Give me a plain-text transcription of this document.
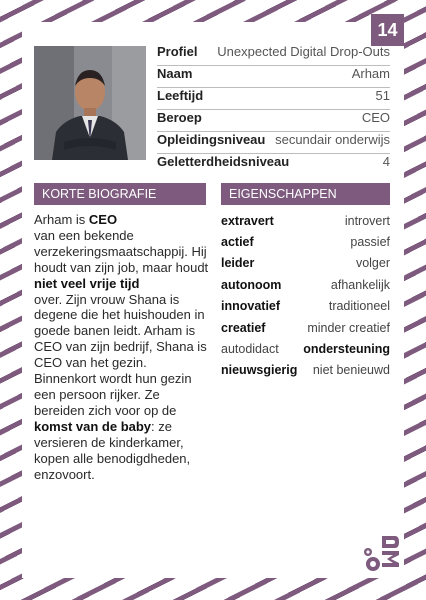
14
Profiel Unexpected Digital Drop-Outs
Naam	Arham
Leeftijd	51
Beroep	CEO
Opleidingsniveau secundair onderwijs
Geletterdheidsniveau	4
KORTE BIOGRAFIE	EIGENSCHAPPEN
Arham is CEO
van een bekende verzekeringsmaatschappij. Hij houdt van zijn job, maar houdt niet veel vrije tijd
over. Zijn vrouw Shana is degene die het huishouden in goede banen leidt. Arham is CEO van zijn bedrijf, Shana is CEO van het gezin. Binnenkort wordt hun gezin een persoon rijker. Ze bereiden zich voor op de komst van de baby: ze versieren de kinderkamer, kopen alle benodigdheden, enzovoort.
extravert	introvert
actief	passief
leider	volger
autonoom	afhankelijk
innovatief	traditioneel
creatief	minder creatief
autodidact ondersteuning
nieuwsgierig niet benieuwd
